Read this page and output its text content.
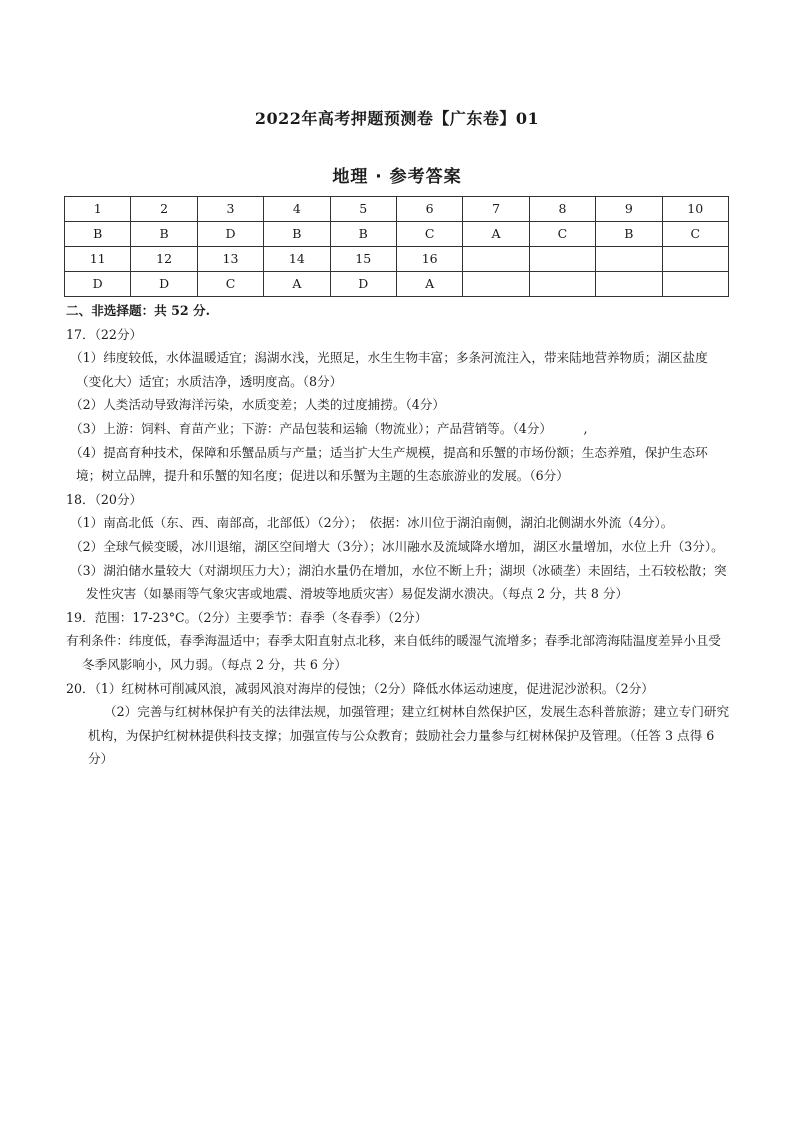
2022年高考押题预测卷【广东卷】01
地理 · 参考答案
1	2	3	4	5	6	7	8	9	10
B	B	D	B	B	C	A	C	B	C
11	12	13	14	15	16				
D	D	C	A	D	A				

二、非选择题：共 52 分.

17．（22分）

（1）纬度较低，水体温暖适宜；潟湖水浅，光照足，水生生物丰富；多条河流注入，带来陆地营养物质；湖区盐度（变化大）适宜；水质洁净，透明度高。（8分）

（2）人类活动导致海洋污染，水质变差；人类的过度捕捞。（4分）

（3）上游：饲料、育苗产业；下游：产品包装和运输（物流业）；产品营销等。（4分）　　　,

（4）提高育种技术，保障和乐蟹品质与产量；适当扩大生产规模，提高和乐蟹的市场份额；生态养殖，保护生态环境；树立品牌，提升和乐蟹的知名度；促进以和乐蟹为主题的生态旅游业的发展。（6分）

18．（20分）

（1）南高北低（东、西、南部高，北部低）（2分）；　依据：冰川位于湖泊南侧，湖泊北侧湖水外流（4分）。

（2）全球气候变暖，冰川退缩，湖区空间增大（3分）；冰川融水及流域降水增加，湖区水量增加，水位上升（3分）。

（3）湖泊储水量较大（对湖坝压力大）；湖泊水量仍在增加，水位不断上升；湖坝（冰碛垄）未固结，土石较松散；突发性灾害（如暴雨等气象灾害或地震、滑坡等地质灾害）易促发湖水溃决。（每点 2 分，共 8 分）

19．范围：17-23°C。（2分）主要季节：春季（冬春季）（2分）

有利条件：纬度低，春季海温适中；春季太阳直射点北移，来自低纬的暖湿气流增多；春季北部湾海陆温度差异小且受冬季风影响小，风力弱。（每点 2 分，共 6 分）

20．（1）红树林可削减风浪，减弱风浪对海岸的侵蚀；（2分）降低水体运动速度，促进泥沙淤积。（2分）

（2）完善与红树林保护有关的法律法规，加强管理；建立红树林自然保护区，发展生态科普旅游；建立专门研究机构，为保护红树林提供科技支撑；加强宣传与公众教育；鼓励社会力量参与红树林保护及管理。（任答 3 点得 6 分）
